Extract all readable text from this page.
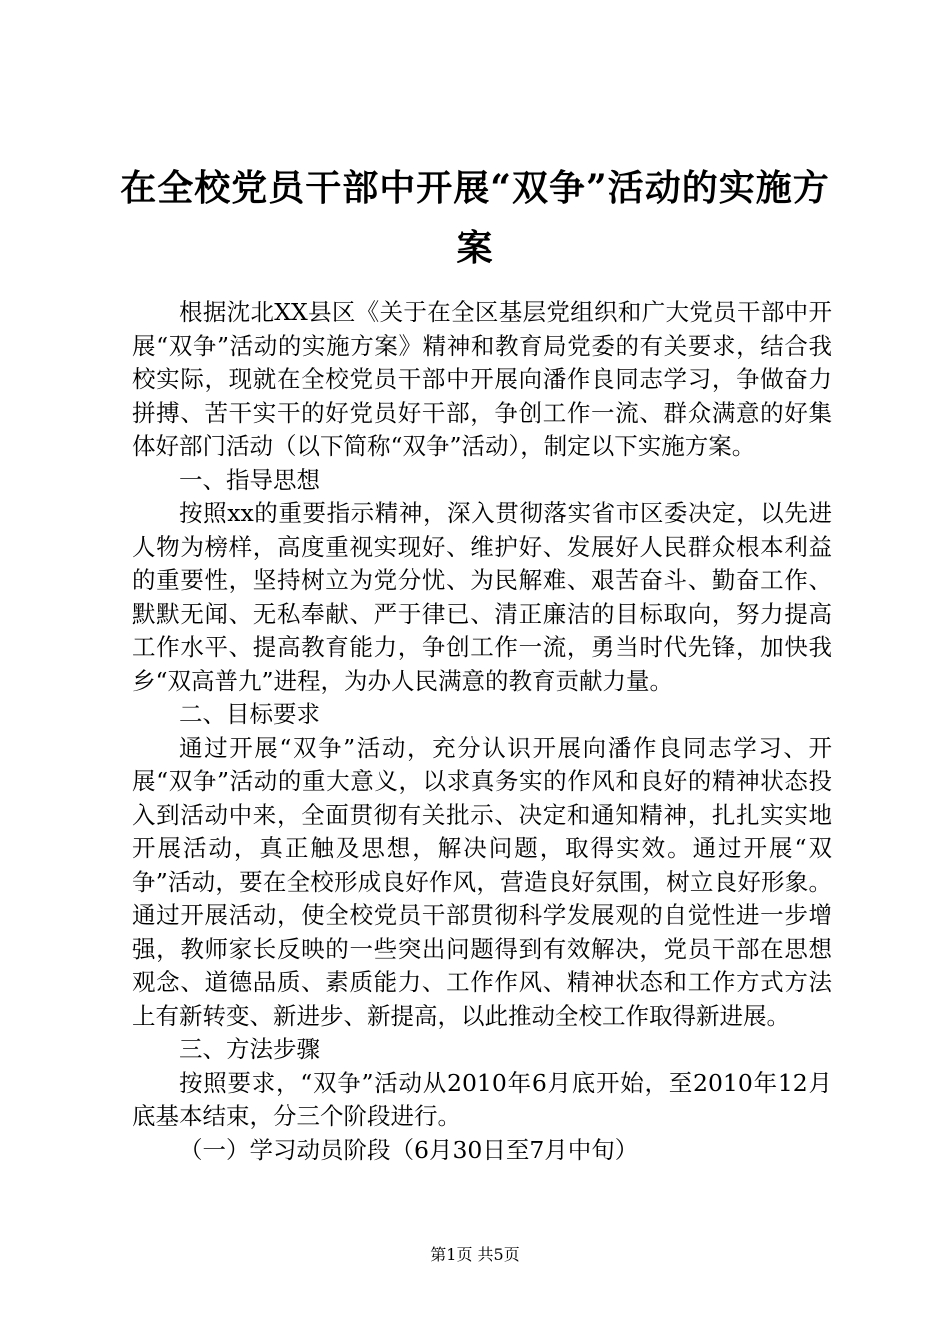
在全校党员干部中开展“双争”活动的实施方案

根据沈北XX县区《关于在全区基层党组织和广大党员干部中开展“双争”活动的实施方案》精神和教育局党委的有关要求，结合我校实际，现就在全校党员干部中开展向潘作良同志学习，争做奋力拼搏、苦干实干的好党员好干部，争创工作一流、群众满意的好集体好部门活动（以下简称“双争”活动），制定以下实施方案。

一、指导思想

按照xx的重要指示精神，深入贯彻落实省市区委决定，以先进人物为榜样，高度重视实现好、维护好、发展好人民群众根本利益的重要性，坚持树立为党分忧、为民解难、艰苦奋斗、勤奋工作、默默无闻、无私奉献、严于律已、清正廉洁的目标取向，努力提高工作水平、提高教育能力，争创工作一流，勇当时代先锋，加快我乡“双高普九”进程，为办人民满意的教育贡献力量。

二、目标要求

通过开展“双争”活动，充分认识开展向潘作良同志学习、开展“双争”活动的重大意义，以求真务实的作风和良好的精神状态投入到活动中来，全面贯彻有关批示、决定和通知精神，扎扎实实地开展活动，真正触及思想，解决问题，取得实效。通过开展“双争”活动，要在全校形成良好作风，营造良好氛围，树立良好形象。通过开展活动，使全校党员干部贯彻科学发展观的自觉性进一步增强，教师家长反映的一些突出问题得到有效解决，党员干部在思想观念、道德品质、素质能力、工作作风、精神状态和工作方式方法上有新转变、新进步、新提高，以此推动全校工作取得新进展。

三、方法步骤

按照要求，“双争”活动从2010年6月底开始，至2010年12月底基本结束，分三个阶段进行。

（一）学习动员阶段（6月30日至7月中旬）

第1页 共5页
